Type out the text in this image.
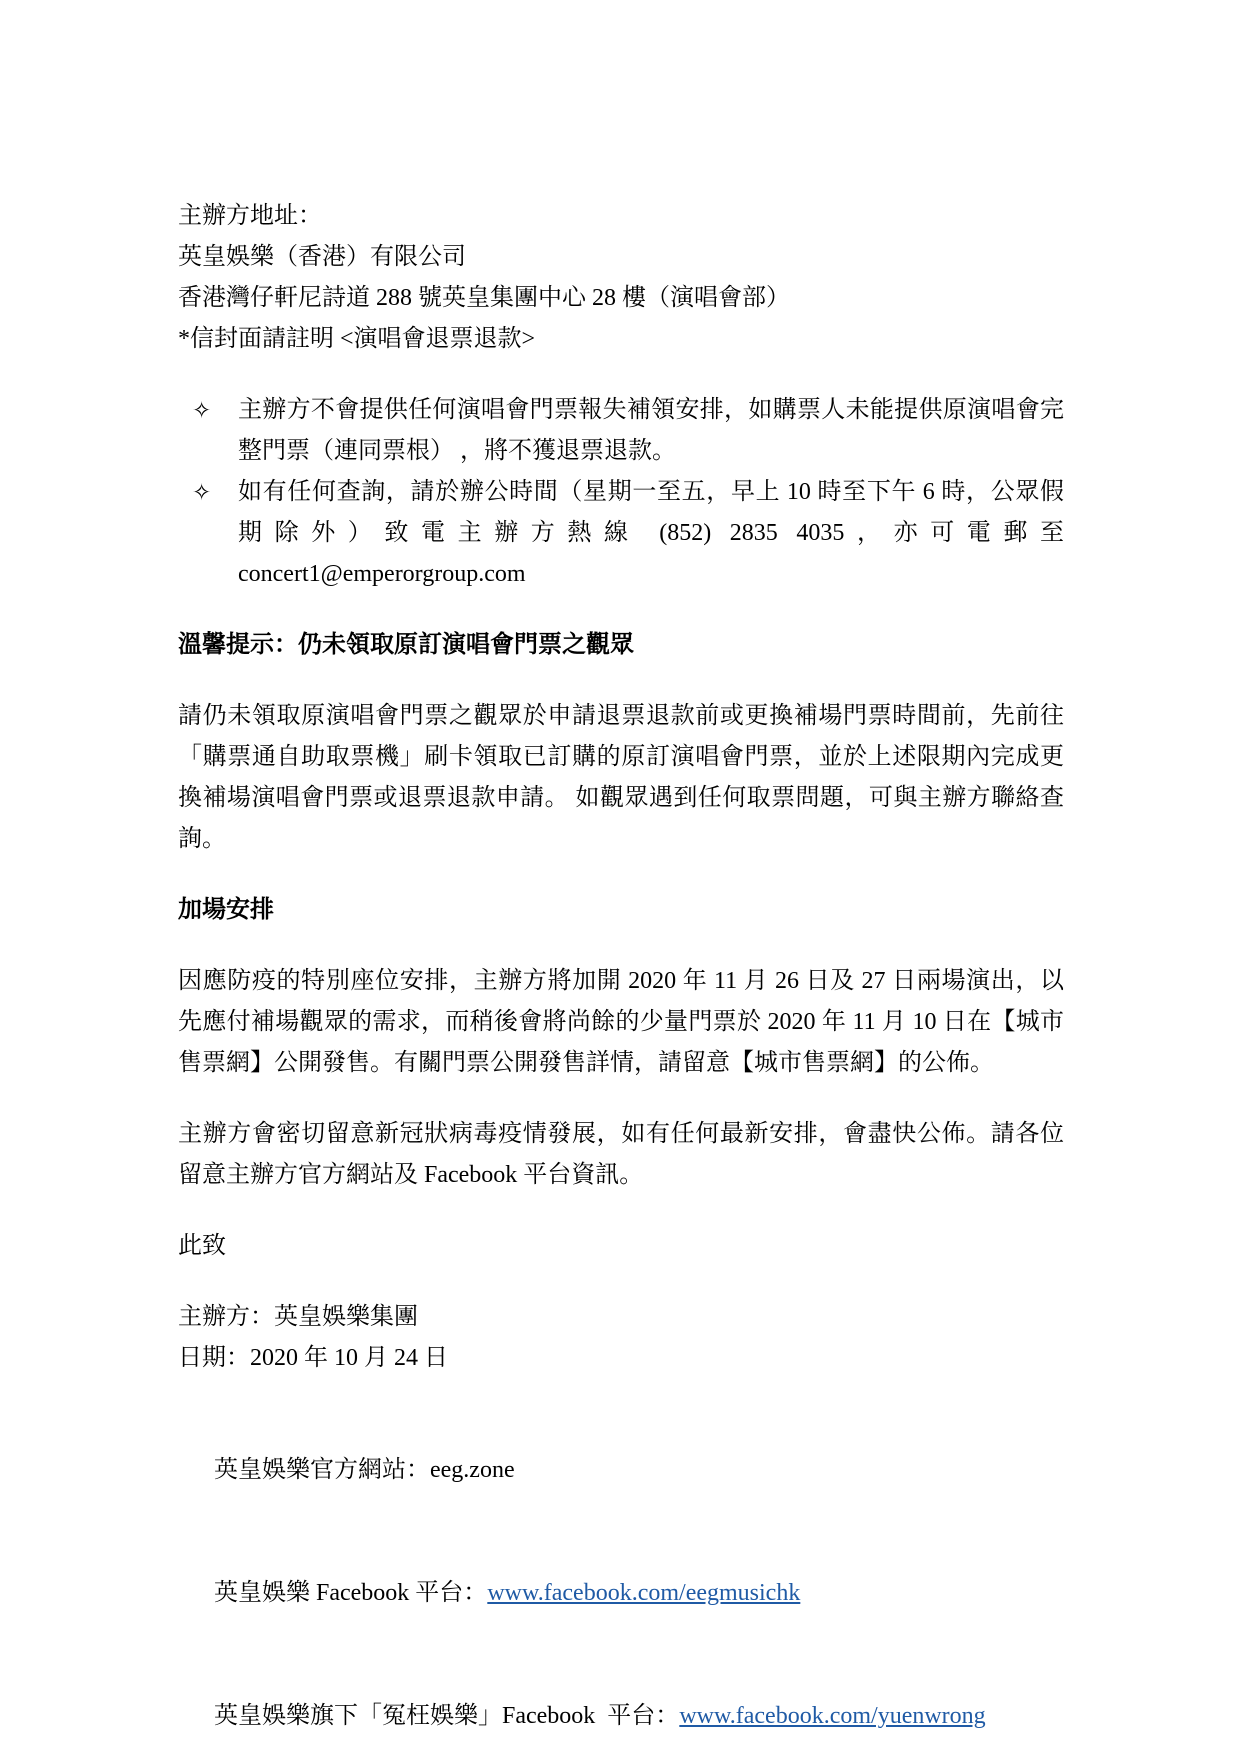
主辦方地址：
英皇娛樂（香港）有限公司
香港灣仔軒尼詩道 288 號英皇集團中心 28 樓（演唱會部）
*信封面請註明 <演唱會退票退款>
✧	主辦方不會提供任何演唱會門票報失補領安排，如購票人未能提供原演唱會完整門票（連同票根） ，將不獲退票退款。
✧	如有任何查詢，請於辦公時間（星期一至五，早上 10 時至下午 6 時，公眾假期除外）致電主辦方熱線 (852) 2835 4035，亦可電郵至 concert1@emperorgroup.com
溫馨提示：仍未領取原訂演唱會門票之觀眾
請仍未領取原演唱會門票之觀眾於申請退票退款前或更換補場門票時間前，先前往「購票通自助取票機」刷卡領取已訂購的原訂演唱會門票，並於上述限期內完成更換補場演唱會門票或退票退款申請。 如觀眾遇到任何取票問題，可與主辦方聯絡查詢。
加場安排
因應防疫的特別座位安排，主辦方將加開 2020 年 11 月 26 日及 27 日兩場演出，以先應付補場觀眾的需求，而稍後會將尚餘的少量門票於 2020 年 11 月 10 日在【城市售票網】公開發售。有關門票公開發售詳情，請留意【城市售票網】的公佈。
主辦方會密切留意新冠狀病毒疫情發展，如有任何最新安排，會盡快公佈。請各位留意主辦方官方網站及 Facebook 平台資訊。
此致
主辦方：英皇娛樂集團
日期：2020 年 10 月 24 日

英皇娛樂官方網站：eeg.zone

英皇娛樂 Facebook 平台：www.facebook.com/eegmusichk

英皇娛樂旗下「冤枉娛樂」Facebook  平台：www.facebook.com/yuenwrong
